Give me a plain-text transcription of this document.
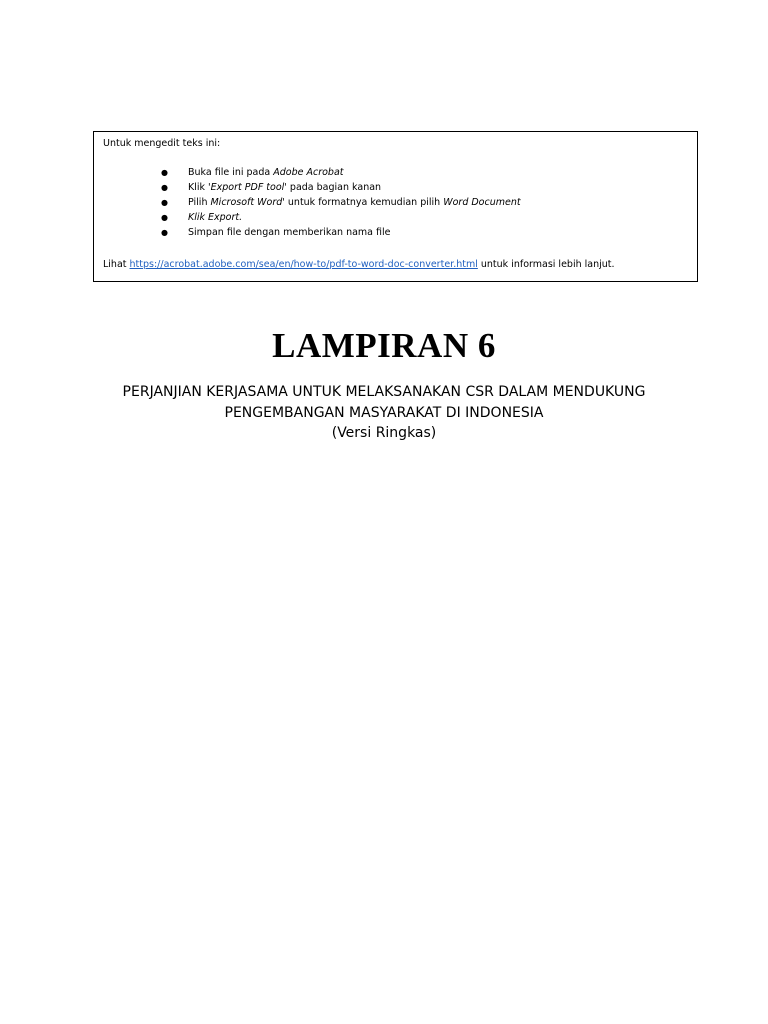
Untuk mengedit teks ini:

● Buka file ini pada Adobe Acrobat
● Klik 'Export PDF tool' pada bagian kanan
● Pilih Microsoft Word' untuk formatnya kemudian pilih Word Document
● Klik Export.
● Simpan file dengan memberikan nama file

Lihat https://acrobat.adobe.com/sea/en/how-to/pdf-to-word-doc-converter.html untuk informasi lebih lanjut.

LAMPIRAN 6

PERJANJIAN KERJASAMA UNTUK MELAKSANAKAN CSR DALAM MENDUKUNG
PENGEMBANGAN MASYARAKAT DI INDONESIA

(Versi Ringkas)
